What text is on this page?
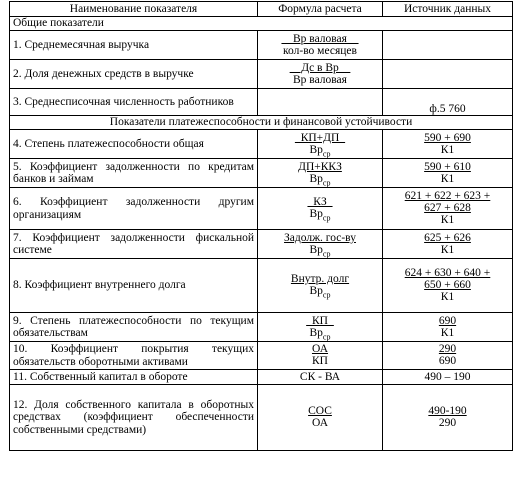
Наименование показателя	Формула расчета	Источник данных
Общие показатели		
1. Среднемесячная выручка	$\frac{\text{\_\_Вр валовая\_\_}}{\text{кол-во месяцев}}$

2. Доля денежных средств в выручке	$\frac{\text{\_\_Дс в Вр\_\_}}{\text{Вр валовая}}$

3. Среднесписочная численность работников		ф.5 760
Показатели платежеспособности и финансовой устойчивости		
4. Степень платежеспособности общая	$\frac{\_КП+ДП\_}{Вр_{ср}}$	$\frac{590 + 690}{К1}$

5. Коэффициент задолженности по кредитам банков и займам	$\frac{\text{ДП+ККЗ}}{Вр_{ср}}$	$\frac{590 + 610}{К1}$

6. Коэффициент задолженности другим организациям	$\frac{\_КЗ\_}{Вр_{ср}}$	621 + 622 + 623 +
627 + 628
К1

7. Коэффициент задолженности фискальной системе	$\frac{\text{Задолж. гос-ву}}{Вр_{ср}}$	$\frac{625 + 626}{К1}$

8. Коэффициент внутреннего долга	$\frac{\text{Внутр. долг}}{Вр_{ср}}$	624 + 630 + 640 +
650 + 660
К1

9. Степень платежеспособности по текущим обязательствам	$\frac{\_КП\_}{Вр_{ср}}$	$\frac{690}{К1}$

10. Коэффициент покрытия текущих обязательств оборотными активами	$\frac{ОА}{КП}$	$\frac{290}{690}$

11. Собственный капитал в обороте	СК - ВА	490 – 190
12. Доля собственного капитала в оборотных средствах (коэффициент обеспеченности собственными средствами)	$\frac{\text{СОС}}{ОА}$	$\frac{490-190}{290}$
